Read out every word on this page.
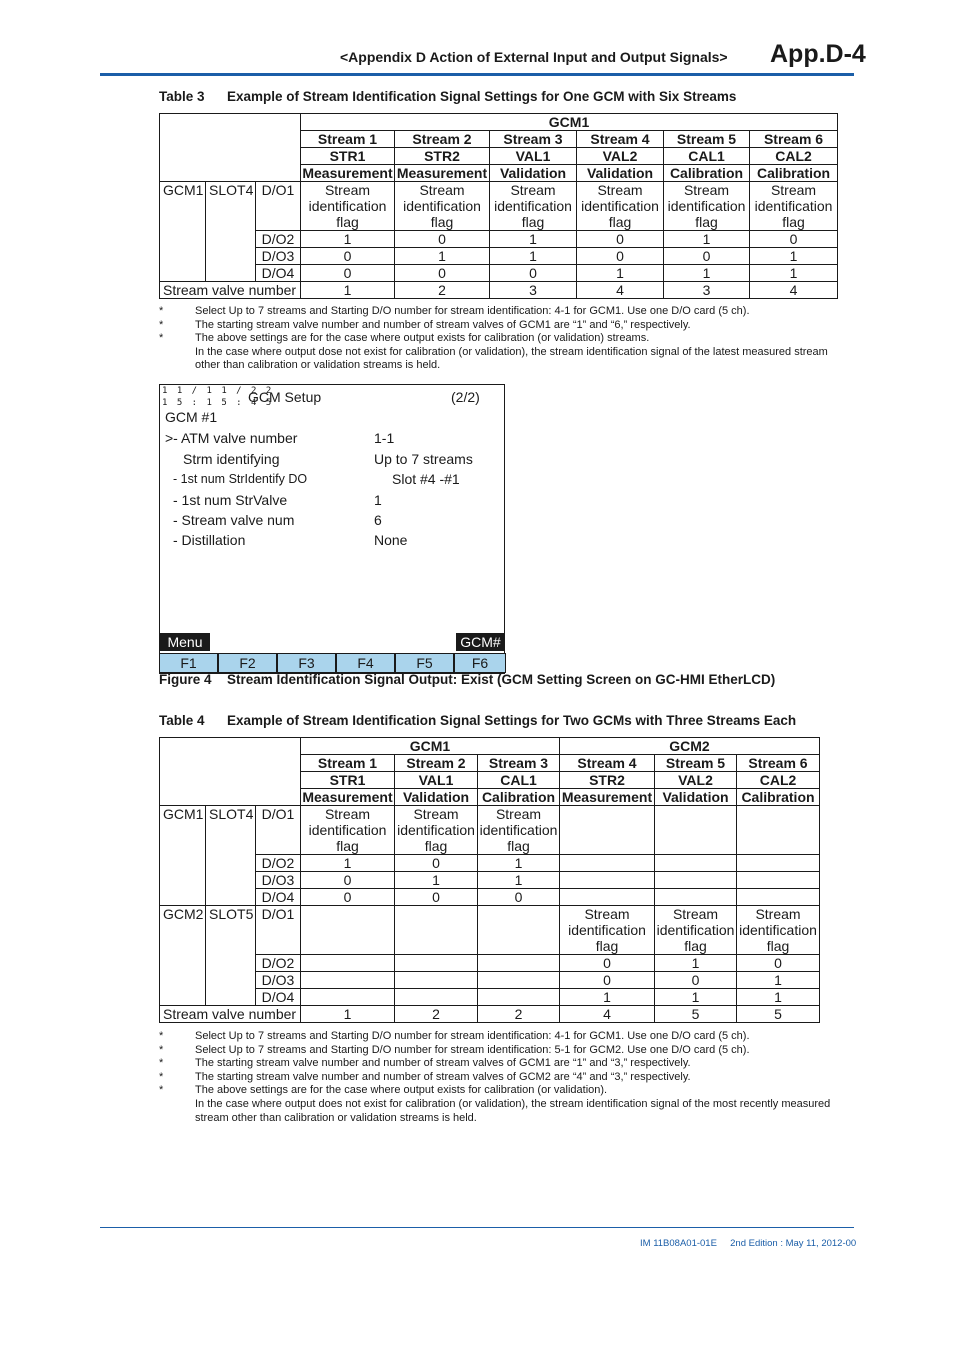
<Appendix D Action of External Input and Output Signals> App.D-4
Table 3 Example of Stream Identification Signal Settings for One GCM with Six Streams
			GCM1					
			Stream 1	Stream 2	Stream 3	Stream 4	Stream 5	Stream 6
			STR1	STR2	VAL1	VAL2	CAL1	CAL2
			Measurement	Measurement	Validation	Validation	Calibration	Calibration
GCM1	SLOT4	D/O1	Stream identification flag	Stream identification flag	Stream identification flag	Stream identification flag	Stream identification flag	Stream identification flag
		D/O2	1	0	1	0	1	0
		D/O3	0	1	1	0	0	1
		D/O4	0	0	0	1	1	1
Stream valve number			1	2	3	4	3	4
*	Select Up to 7 streams and Starting D/O number for stream identification: 4-1 for GCM1. Use one D/O card (5 ch).
*	The starting stream valve number and number of stream valves of GCM1 are “1” and “6,” respectively.
*	The above settings are for the case where output exists for calibration (or validation) streams.
In the case where output dose not exist for calibration (or validation), the stream identification signal of the latest measured stream other than calibration or validation streams is held.
1 1 / 1 1 / 2 2
1 5 : 1 5 : 4 5
GCM Setup	(2/2)
GCM #1
>- ATM valve number	1-1
Strm identifying	Up to 7 streams
- 1st num StrIdentify DO	Slot #4 -#1
- 1st num StrValve	1
- Stream valve num	6
- Distillation	None
Menu	GCM#
F1	F2	F3	F4	F5	F6
Figure 4 Stream Identification Signal Output: Exist (GCM Setting Screen on GC-HMI EtherLCD)
Table 4 Example of Stream Identification Signal Settings for Two GCMs with Three Streams Each
			GCM1			GCM2		
			Stream 1	Stream 2	Stream 3	Stream 4	Stream 5	Stream 6
			STR1	VAL1	CAL1	STR2	VAL2	CAL2
			Measurement	Validation	Calibration	Measurement	Validation	Calibration
GCM1	SLOT4	D/O1	Stream identification flag	Stream identification flag	Stream identification flag			
		D/O2	1	0	1			
		D/O3	0	1	1			
		D/O4	0	0	0			
GCM2	SLOT5	D/O1				Stream identification flag	Stream identification flag	Stream identification flag
		D/O2				0	1	0
		D/O3				0	0	1
		D/O4				1	1	1
Stream valve number			1	2	2	4	5	5
*	Select Up to 7 streams and Starting D/O number for stream identification: 4-1 for GCM1. Use one D/O card (5 ch).
*	Select Up to 7 streams and Starting D/O number for stream identification: 5-1 for GCM2. Use one D/O card (5 ch).
*	The starting stream valve number and number of stream valves of GCM1 are “1” and “3,” respectively.
*	The starting stream valve number and number of stream valves of GCM2 are “4” and “3,” respectively.
*	The above settings are for the case where output exists for calibration (or validation).
In the case where output does not exist for calibration (or validation), the stream identification signal of the most recently measured stream other than calibration or validation streams is held.
IM 11B08A01-01E 2nd Edition : May 11, 2012-00
